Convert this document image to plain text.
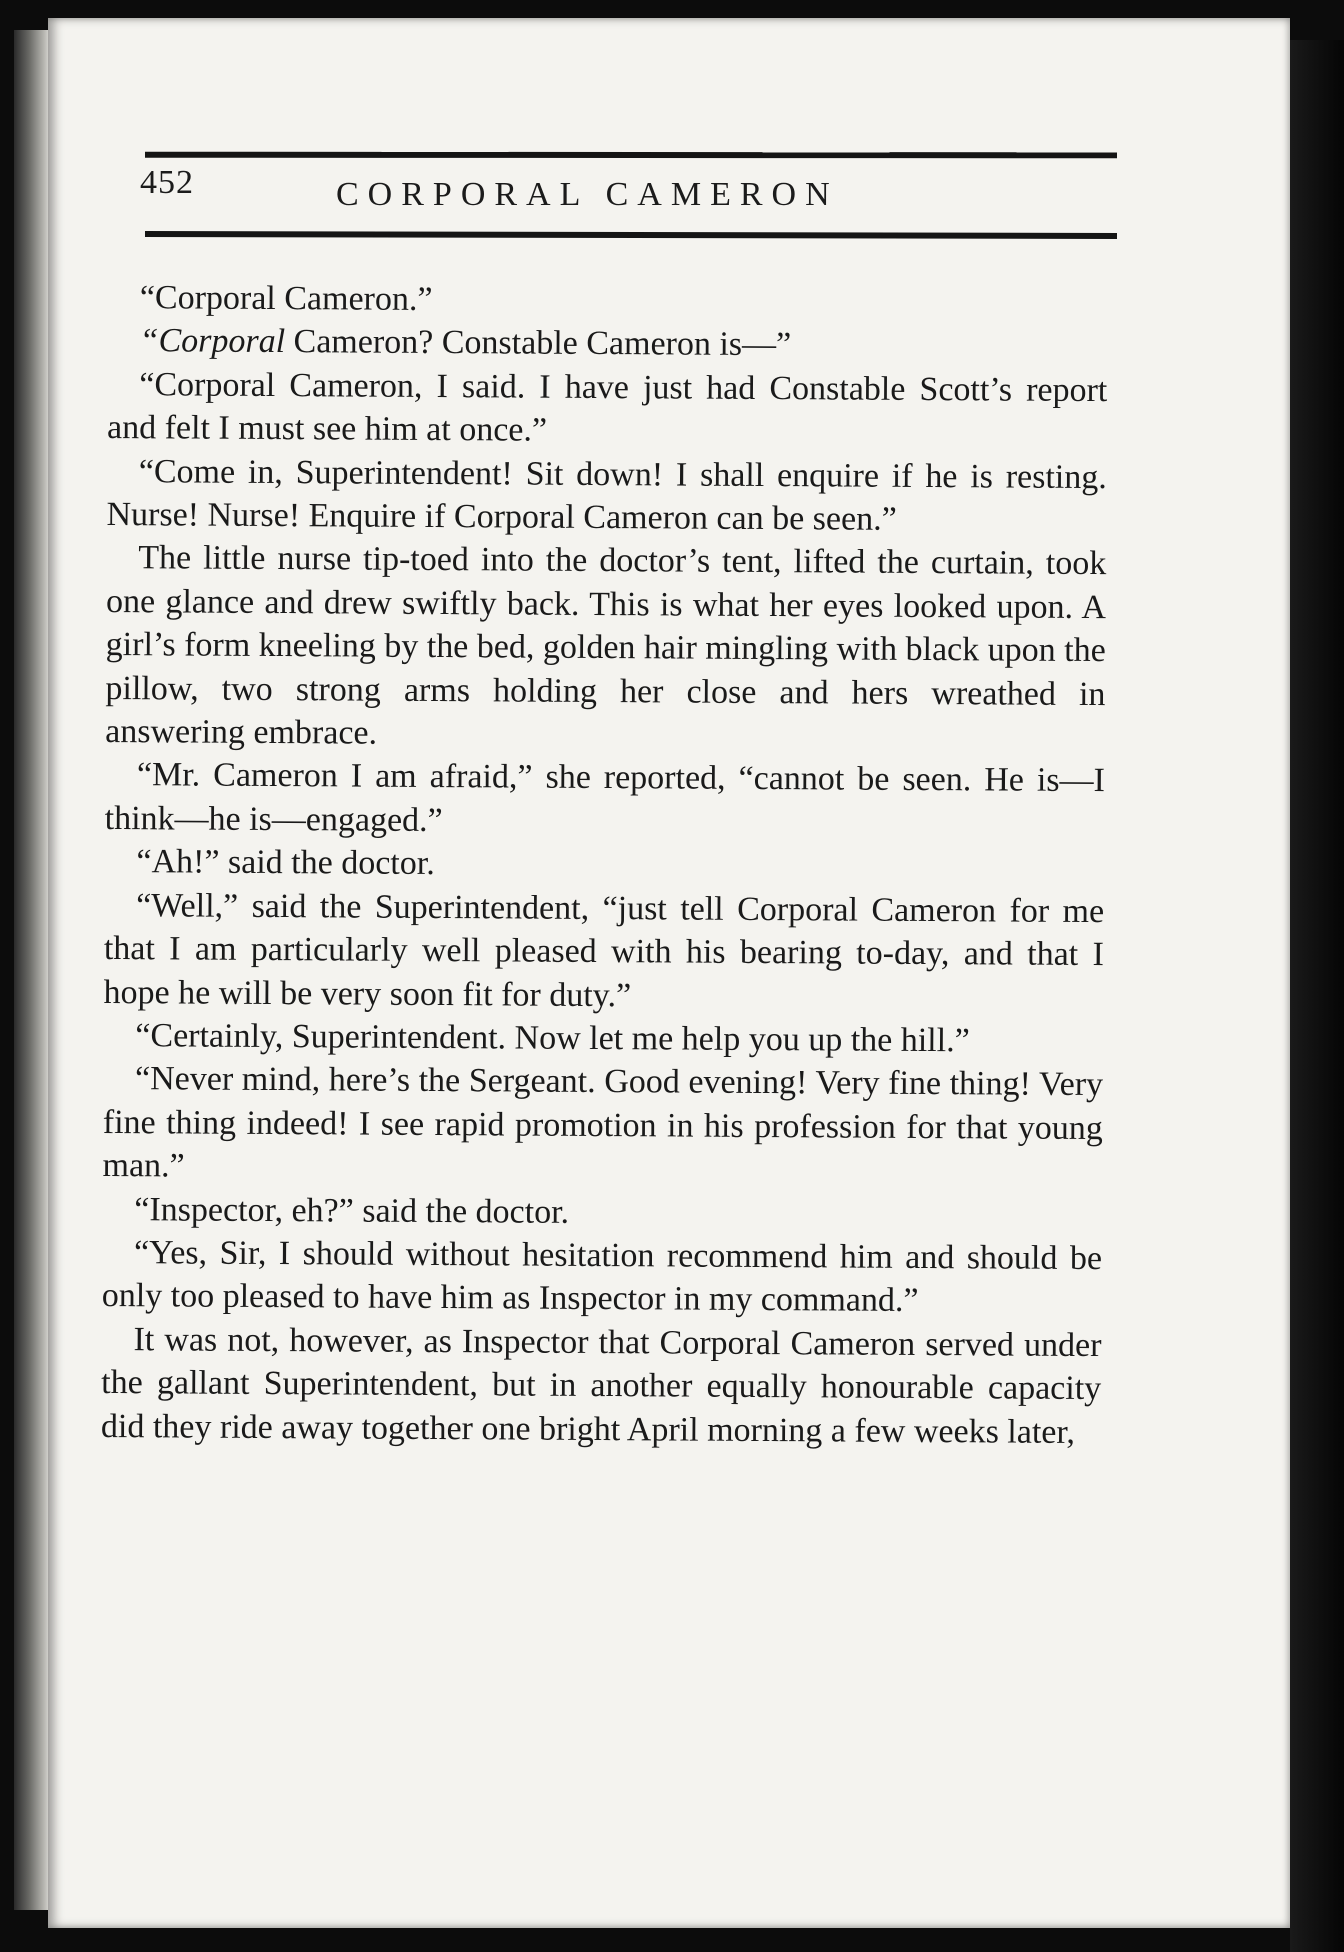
452	CORPORAL CAMERON

“Corporal Cameron.”

“Corporal Cameron? Constable Cameron is—”

“Corporal Cameron, I said. I have just had Constable Scott’s report and felt I must see him at once.”

“Come in, Superintendent! Sit down! I shall enquire if he is resting. Nurse! Nurse! Enquire if Corporal Cameron can be seen.”

The little nurse tip-toed into the doctor’s tent, lifted the curtain, took one glance and drew swiftly back. This is what her eyes looked upon. A girl’s form kneeling by the bed, golden hair mingling with black upon the pillow, two strong arms holding her close and hers wreathed in answering embrace.

“Mr. Cameron I am afraid,” she reported, “cannot be seen. He is—I think—he is—engaged.”

“Ah!” said the doctor.

“Well,” said the Superintendent, “just tell Corporal Cameron for me that I am particularly well pleased with his bearing to-day, and that I hope he will be very soon fit for duty.”

“Certainly, Superintendent. Now let me help you up the hill.”

“Never mind, here’s the Sergeant. Good evening! Very fine thing! Very fine thing indeed! I see rapid promotion in his profession for that young man.”

“Inspector, eh?” said the doctor.

“Yes, Sir, I should without hesitation recommend him and should be only too pleased to have him as Inspector in my command.”

It was not, however, as Inspector that Corporal Cameron served under the gallant Superintendent, but in another equally honourable capacity did they ride away together one bright April morning a few weeks later,
